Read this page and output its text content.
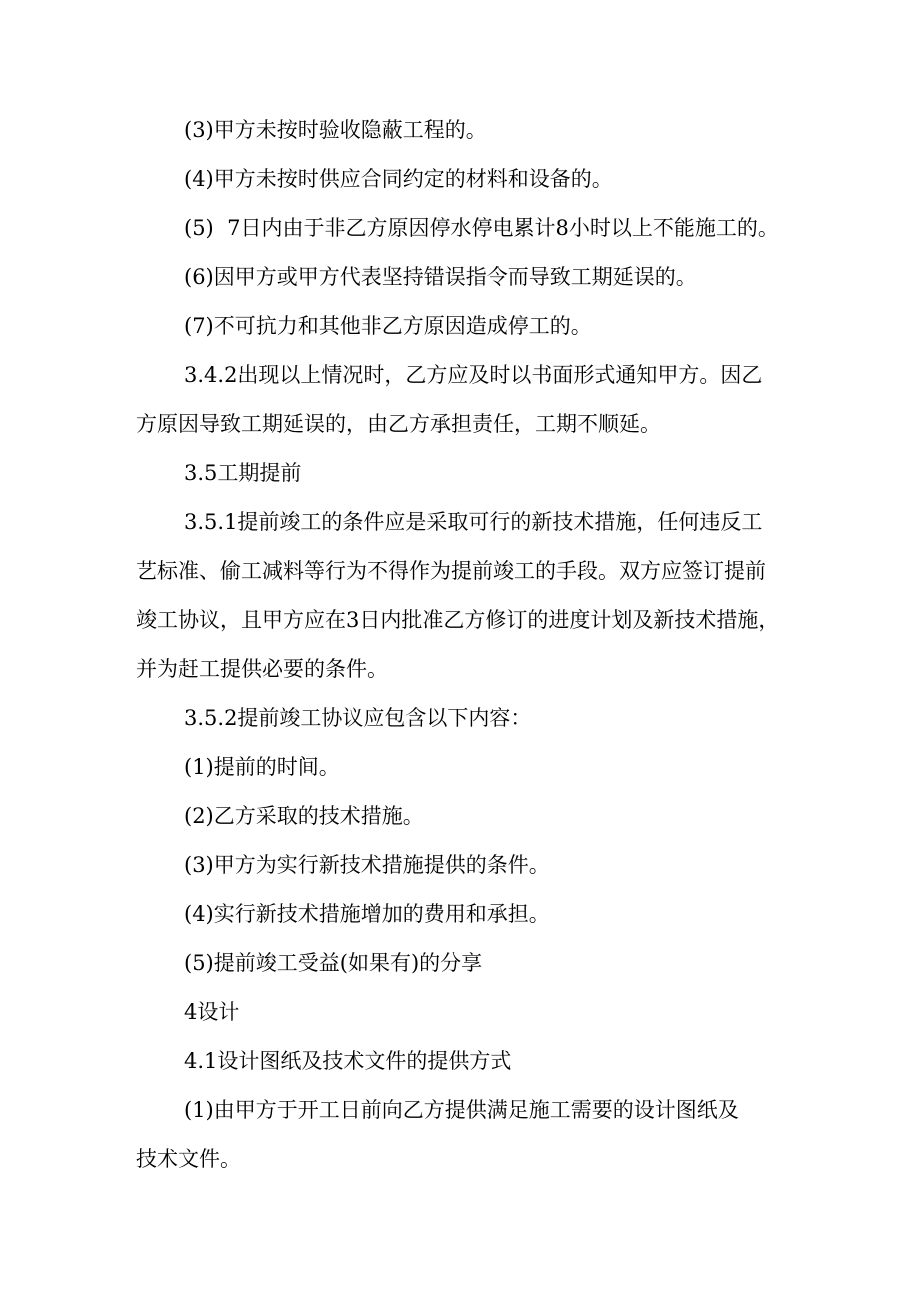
(3)甲方未按时验收隐蔽工程的。
(4)甲方未按时供应合同约定的材料和设备的。
(5)  7日内由于非乙方原因停水停电累计8小时以上不能施工的。
(6)因甲方或甲方代表坚持错误指令而导致工期延误的。
(7)不可抗力和其他非乙方原因造成停工的。
3.4.2出现以上情况时，乙方应及时以书面形式通知甲方。因乙
方原因导致工期延误的，由乙方承担责任，工期不顺延。
3.5工期提前
3.5.1提前竣工的条件应是采取可行的新技术措施，任何违反工
艺标准、偷工减料等行为不得作为提前竣工的手段。双方应签订提前
竣工协议，且甲方应在3日内批准乙方修订的进度计划及新技术措施，
并为赶工提供必要的条件。
3.5.2提前竣工协议应包含以下内容：
(1)提前的时间。
(2)乙方采取的技术措施。
(3)甲方为实行新技术措施提供的条件。
(4)实行新技术措施增加的费用和承担。
(5)提前竣工受益(如果有)的分享
4设计
4.1设计图纸及技术文件的提供方式
(1)由甲方于开工日前向乙方提供满足施工需要的设计图纸及
技术文件。
